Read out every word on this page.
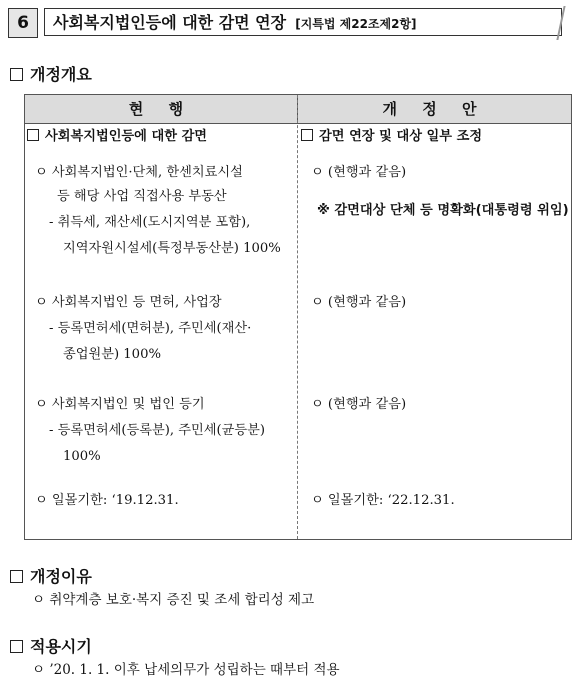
6	사회복지법인등에 대한 감면 연장 [지특법 제22조제2항]
개정개요
현 행	개 정 안
사회복지법인등에 대한 감면
ㅇ 사회복지법인·단체, 한센치료시설
등 해당 사업 직접사용 부동산
- 취득세, 재산세(도시지역분 포함),
지역자원시설세(특정부동산분) 100%
ㅇ 사회복지법인 등 면허, 사업장
- 등록면허세(면허분), 주민세(재산·
종업원분) 100%
ㅇ 사회복지법인 및 법인 등기
- 등록면허세(등록분), 주민세(균등분)
100%
ㅇ 일몰기한: ‘19.12.31.
감면 연장 및 대상 일부 조정
ㅇ (현행과 같음)
※ 감면대상 단체 등 명확화(대통령령 위임)
ㅇ (현행과 같음)
ㅇ (현행과 같음)
ㅇ 일몰기한: ‘22.12.31.
개정이유
ㅇ 취약계층 보호·복지 증진 및 조세 합리성 제고
적용시기
ㅇ ’20. 1. 1. 이후 납세의무가 성립하는 때부터 적용
